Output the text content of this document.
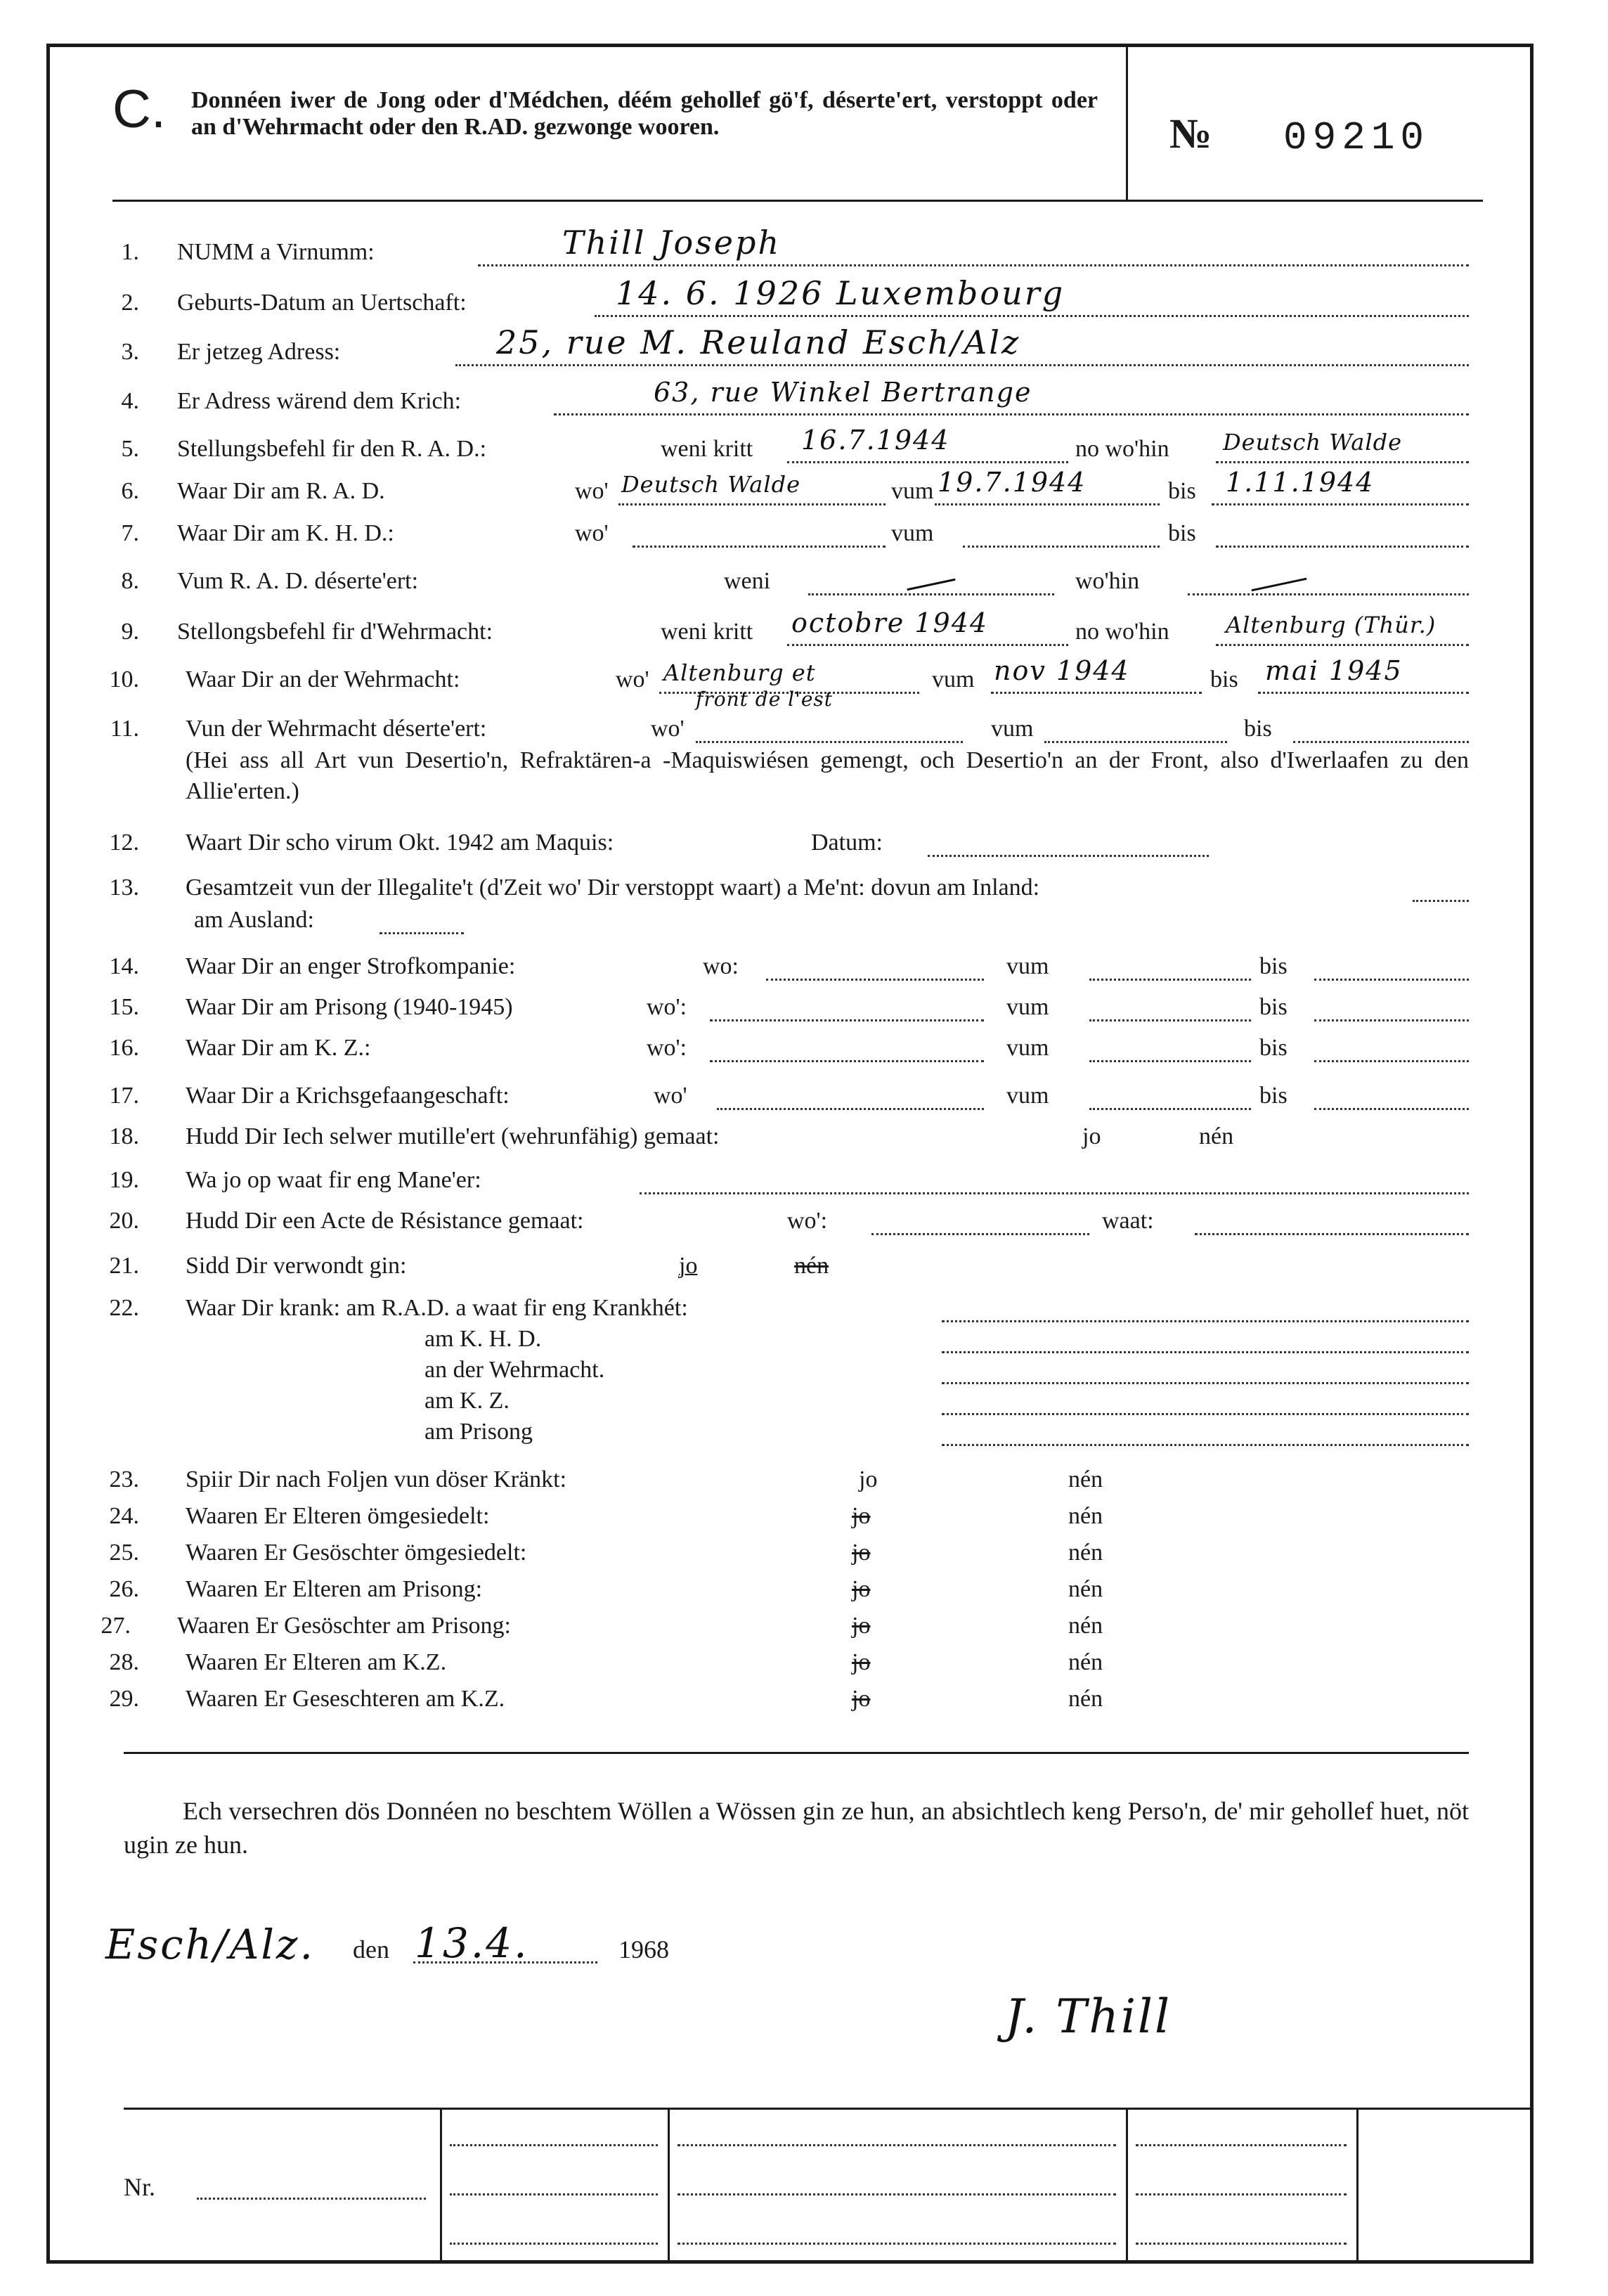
C. Donnéen iwer de Jong oder d'Médchen, déém gehollef gö'f, déserte'ert, verstoppt oder an d'Wehrmacht oder den R.AD. gezwonge wooren.	№ 09210
1. NUMM a Virnumm:	Thill Joseph
2. Geburts-Datum an Uertschaft:	14. 6. 1926 Luxembourg
3. Er jetzeg Adress:	25, rue M. Reuland Esch/Alz
4. Er Adress wärend dem Krich:	63, rue Winkel Bertrange
5. Stellungsbefehl fir den R. A. D.:	weni kritt 16.7.1944	no wo'hin Deutsch Walde
6. Waar Dir am R. A. D.	wo' Deutsch Walde	vum 19.7.1944	bis 1.11.1944
7. Waar Dir am K. H. D.:	wo'	vum	bis
8. Vum R. A. D. déserte'ert:	weni	wo'hin
9. Stellongsbefehl fir d'Wehrmacht:	weni kritt octobre 1944	no wo'hin	Altenburg (Thür.)
10. Waar Dir an der Wehrmacht:	wo' Altenburg et
front de l'est
vum nov 1944	bis mai 1945
11. Vun der Wehrmacht déserte'ert:	wo'	vum	bis
(Hei ass all Art vun Desertio'n, Refraktären-a -Maquiswiésen gemengt, och Desertio'n an der Front, also d'Iwerlaafen zu den Allie'erten.)
12. Waart Dir scho virum Okt. 1942 am Maquis:	Datum:
13. Gesamtzeit vun der Illegalite't (d'Zeit wo' Dir verstoppt waart) a Me'nt: dovun am Inland:
am Ausland:
14. Waar Dir an enger Strofkompanie:	wo:	vum	bis
15. Waar Dir am Prisong (1940-1945)	wo':	vum	bis
16. Waar Dir am K. Z.:	wo':	vum	bis
17. Waar Dir a Krichsgefaangeschaft:	wo'	vum	bis
18. Hudd Dir Iech selwer mutille'ert (wehrunfähig) gemaat:	jo	nén
19. Wa jo op waat fir eng Mane'er:
20. Hudd Dir een Acte de Résistance gemaat:	wo':	waat:
21. Sidd Dir verwondt gin:	jo	nén
22. Waar Dir krank: am R.A.D. a waat fir eng Krankhét:
am K. H. D.
an der Wehrmacht.
am K. Z.
am Prisong
23. Spiir Dir nach Foljen vun döser Kränkt:	jo	nén
24. Waaren Er Elteren ömgesiedelt:	jo	nén
25. Waaren Er Gesöschter ömgesiedelt:	jo	nén
26. Waaren Er Elteren am Prisong:	jo	nén
27. Waaren Er Gesöschter am Prisong:	jo	nén
28. Waaren Er Elteren am K.Z.	jo	nén
29. Waaren Er Geseschteren am K.Z.	jo	nén
Ech versechren dös Donnéen no beschtem Wöllen a Wössen gin ze hun, an absichtlech keng Perso'n, de' mir gehollef huet, nöt ugin ze hun.
Esch/Alz. den 13.4.	1968
J. Thill
Nr.
